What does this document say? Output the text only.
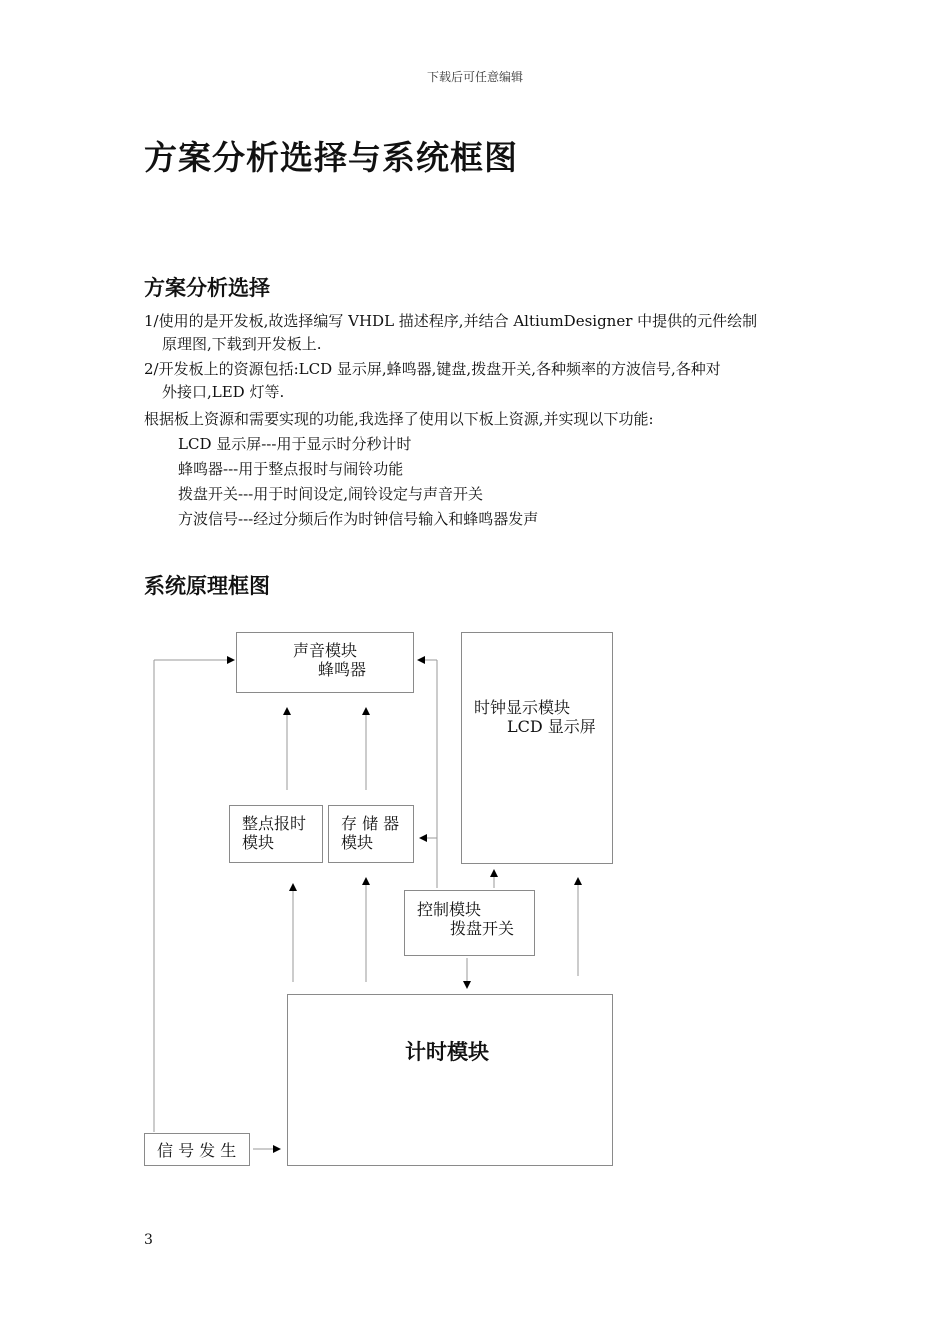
下载后可任意编辑
方案分析选择与系统框图
方案分析选择
1/使用的是开发板,故选择编写 VHDL 描述程序,并结合 AltiumDesigner 中提供的元件绘制
原理图,下载到开发板上.
2/开发板上的资源包括:LCD 显示屏,蜂鸣器,键盘,拨盘开关,各种频率的方波信号,各种对
外接口,LED 灯等.
根据板上资源和需要实现的功能,我选择了使用以下板上资源,并实现以下功能:
LCD 显示屏---用于显示时分秒计时
蜂鸣器---用于整点报时与闹铃功能
拨盘开关---用于时间设定,闹铃设定与声音开关
方波信号---经过分频后作为时钟信号输入和蜂鸣器发声
系统原理框图
声音模块
蜂鸣器
时钟显示模块
LCD 显示屏
整点报时
模块
存 储 器
模块
控制模块
拨盘开关
计时模块
信 号 发 生
3
